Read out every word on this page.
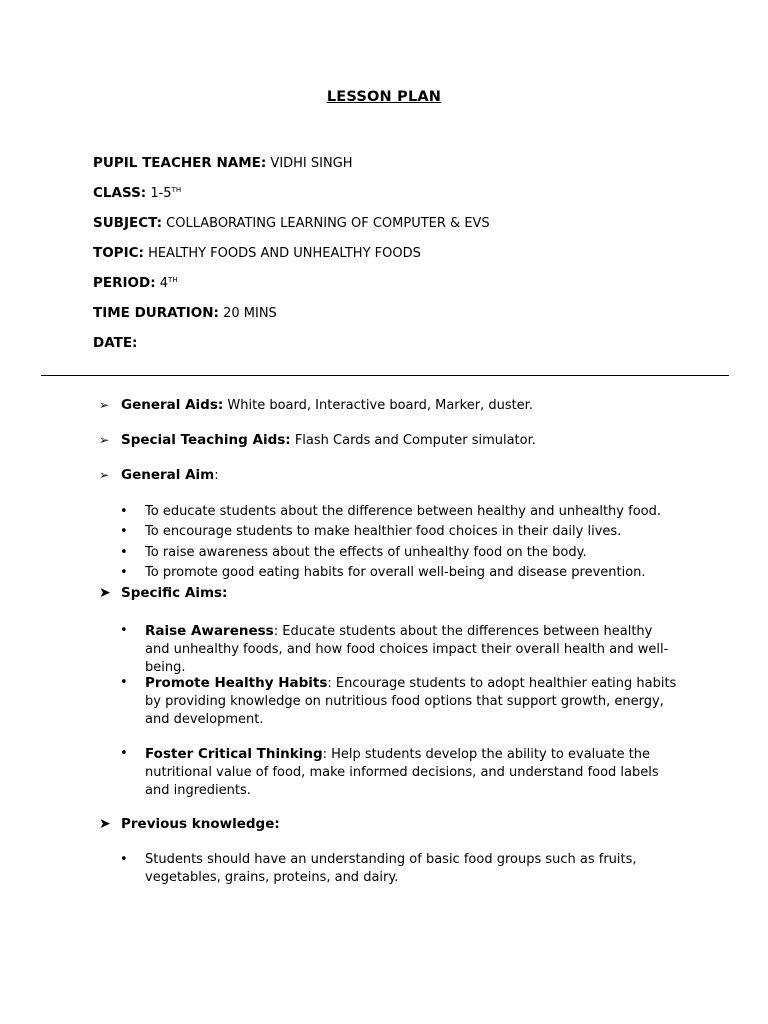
LESSON PLAN
PUPIL TEACHER NAME: VIDHI SINGH
CLASS: 1-5TH
SUBJECT: COLLABORATING LEARNING OF COMPUTER & EVS
TOPIC: HEALTHY FOODS AND UNHEALTHY FOODS
PERIOD: 4TH
TIME DURATION: 20 MINS
DATE:
➢ General Aids: White board, Interactive board, Marker, duster.
➢ Special Teaching Aids: Flash Cards and Computer simulator.
➢ General Aim:
• To educate students about the difference between healthy and unhealthy food.
• To encourage students to make healthier food choices in their daily lives.
• To raise awareness about the effects of unhealthy food on the body.
• To promote good eating habits for overall well-being and disease prevention.
➤ Specific Aims:
• Raise Awareness: Educate students about the differences between healthy and unhealthy foods, and how food choices impact their overall health and well-being.
• Promote Healthy Habits: Encourage students to adopt healthier eating habits by providing knowledge on nutritious food options that support growth, energy, and development.
• Foster Critical Thinking: Help students develop the ability to evaluate the nutritional value of food, make informed decisions, and understand food labels and ingredients.
➤ Previous knowledge:
• Students should have an understanding of basic food groups such as fruits, vegetables, grains, proteins, and dairy.
